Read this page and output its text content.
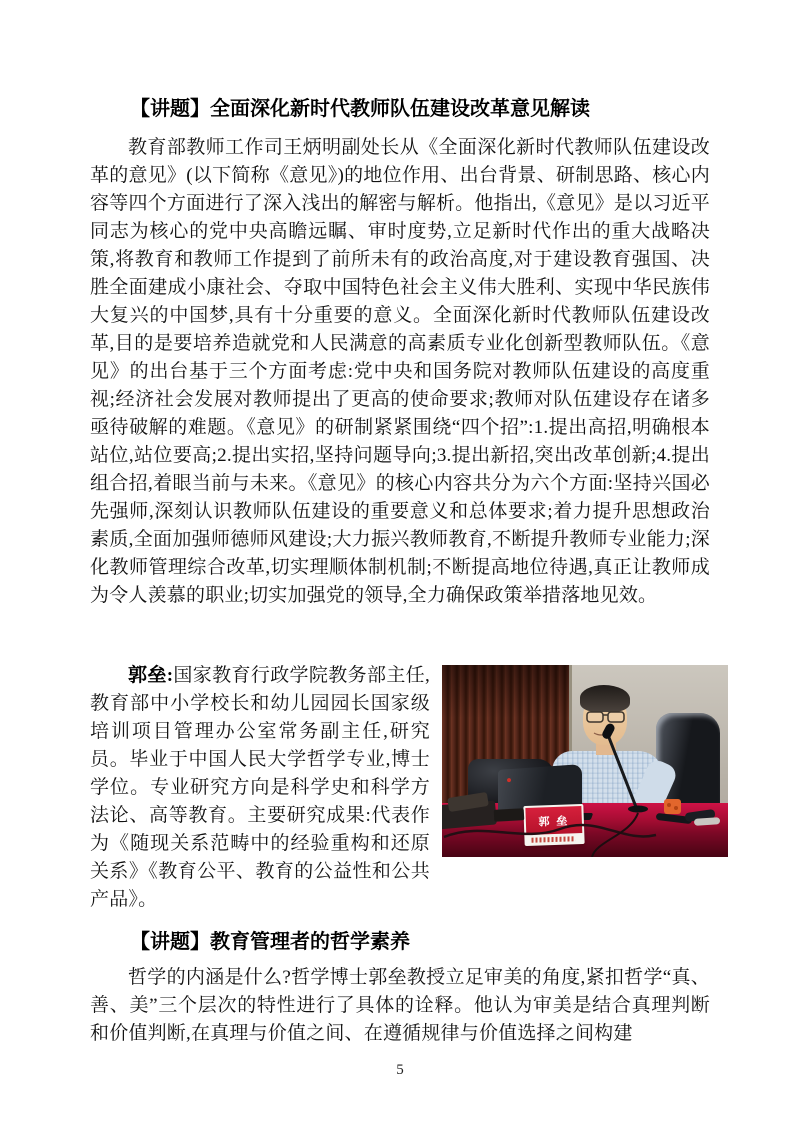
【讲题】全面深化新时代教师队伍建设改革意见解读

教育部教师工作司王炳明副处长从《全面深化新时代教师队伍建设改革的意见》(以下简称《意见》)的地位作用、出台背景、研制思路、核心内容等四个方面进行了深入浅出的解密与解析。他指出,《意见》是以习近平同志为核心的党中央高瞻远瞩、审时度势,立足新时代作出的重大战略决策,将教育和教师工作提到了前所未有的政治高度,对于建设教育强国、决胜全面建成小康社会、夺取中国特色社会主义伟大胜利、实现中华民族伟大复兴的中国梦,具有十分重要的意义。全面深化新时代教师队伍建设改革,目的是要培养造就党和人民满意的高素质专业化创新型教师队伍。《意见》的出台基于三个方面考虑:党中央和国务院对教师队伍建设的高度重视;经济社会发展对教师提出了更高的使命要求;教师对队伍建设存在诸多亟待破解的难题。《意见》的研制紧紧围绕“四个招”:1.提出高招,明确根本站位,站位要高;2.提出实招,坚持问题导向;3.提出新招,突出改革创新;4.提出组合招,着眼当前与未来。《意见》的核心内容共分为六个方面:坚持兴国必先强师,深刻认识教师队伍建设的重要意义和总体要求;着力提升思想政治素质,全面加强师德师风建设;大力振兴教师教育,不断提升教师专业能力;深化教师管理综合改革,切实理顺体制机制;不断提高地位待遇,真正让教师成为令人羡慕的职业;切实加强党的领导,全力确保政策举措落地见效。

郭 垒

郭垒:国家教育行政学院教务部主任,教育部中小学校长和幼儿园园长国家级培训项目管理办公室常务副主任,研究员。毕业于中国人民大学哲学专业,博士学位。专业研究方向是科学史和科学方法论、高等教育。主要研究成果:代表作为《随现关系范畴中的经验重构和还原关系》《教育公平、教育的公益性和公共产品》。

【讲题】教育管理者的哲学素养

哲学的内涵是什么?哲学博士郭垒教授立足审美的角度,紧扣哲学“真、善、美”三个层次的特性进行了具体的诠释。他认为审美是结合真理判断和价值判断,在真理与价值之间、在遵循规律与价值选择之间构建

5
